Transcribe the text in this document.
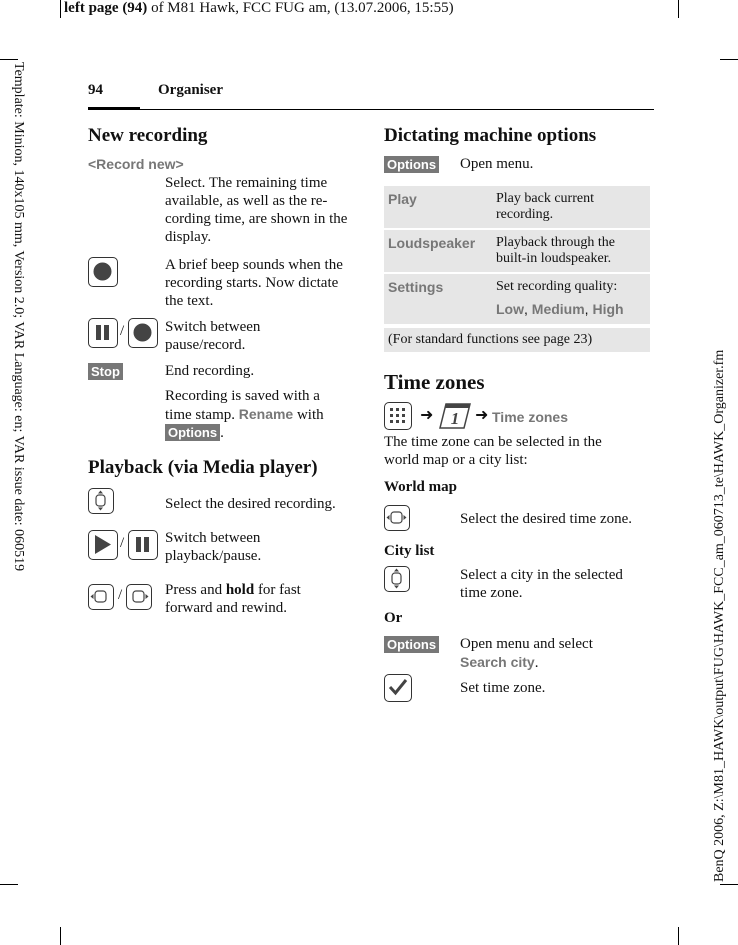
left page (94) of M81 Hawk, FCC FUG am, (13.07.2006, 15:55)
Template: Minion, 140x105 mm, Version 2.0; VAR Language: en; VAR issue date: 060519
BenQ 2006, Z:\M81_HAWK\output\FUG\HAWK_FCC_am_060713_te\HAWK_Organizer.fm
94	Organiser
New recording
<Record new>
Select. The remaining time available, as well as the re-cording time, are shown in the display.
A brief beep sounds when the recording starts. Now dictate the text.
/	Switch between pause/record.
Stop	End recording.
Recording is saved with a time stamp. Rename with
Options .
Playback (via Media player)
Select the desired recording.
/	Switch between playback/pause.
/	Press and hold for fast forward and rewind.
Dictating machine options
Options Open menu.
Play	Play back current recording.
Loudspeaker	Playback through the built-in loudspeaker.
Settings	Set recording quality:
Low, Medium, High
(For standard functions see page 23)
Time zones
➜ 1 ➜ Time zones
The time zone can be selected in the world map or a city list:
World map
Select the desired time zone.
City list
Select a city in the selected time zone.
Or
Options Open menu and select
Search city.
Set time zone.
